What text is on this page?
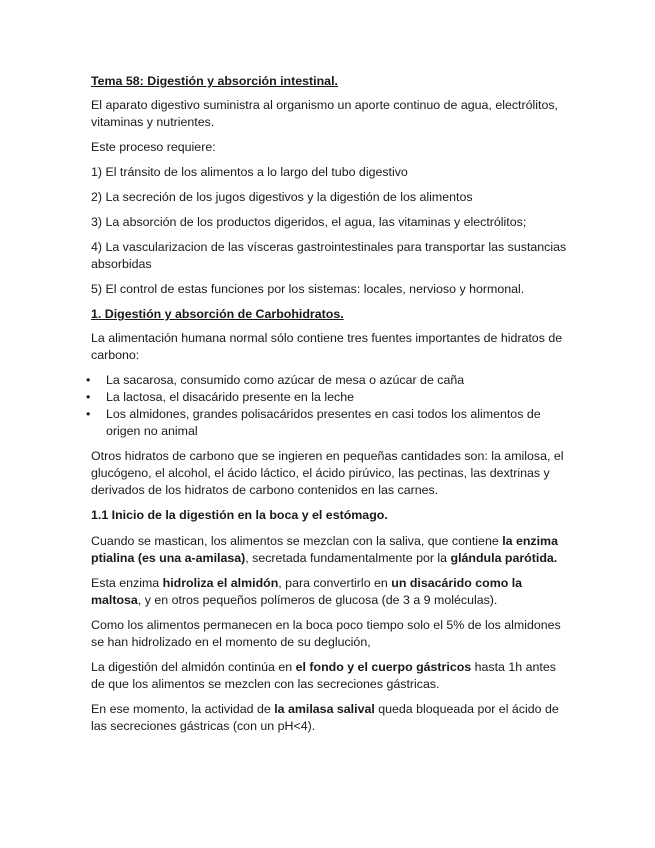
Tema 58: Digestión y absorción intestinal.

El aparato digestivo suministra al organismo un aporte continuo de agua, electrólitos, vitaminas y nutrientes.

Este proceso requiere:

1) El tránsito de los alimentos a lo largo del tubo digestivo

2) La secreción de los jugos digestivos y la digestión de los alimentos

3) La absorción de los productos digeridos, el agua, las vitaminas y electrólitos;

4) La vascularizacion de las vísceras gastrointestinales para transportar las sustancias absorbidas

5) El control de estas funciones por los sistemas: locales, nervioso y hormonal.

1. Digestión y absorción de Carbohidratos.

La alimentación humana normal sólo contiene tres fuentes importantes de hidratos de carbono:

•	La sacarosa, consumido como azúcar de mesa o azúcar de caña
•	La lactosa, el disacárido presente en la leche
•	Los almidones, grandes polisacáridos presentes en casi todos los alimentos de origen no animal

Otros hidratos de carbono que se ingieren en pequeñas cantidades son: la amilosa, el glucógeno, el alcohol, el ácido láctico, el ácido pirúvico, las pectinas, las dextrinas y derivados de los hidratos de carbono contenidos en las carnes.

1.1 Inicio de la digestión en la boca y el estómago.

Cuando se mastican, los alimentos se mezclan con la saliva, que contiene la enzima ptialina (es una a-amilasa), secretada fundamentalmente por la glándula parótida.

Esta enzima hidroliza el almidón, para convertirlo en un disacárido como la maltosa, y en otros pequeños polímeros de glucosa (de 3 a 9 moléculas).

Como los alimentos permanecen en la boca poco tiempo solo el 5% de los almidones se han hidrolizado en el momento de su deglución,

La digestión del almidón continúa en el fondo y el cuerpo gástricos hasta 1h antes de que los alimentos se mezclen con las secreciones gástricas.

En ese momento, la actividad de la amilasa salival queda bloqueada por el ácido de las secreciones gástricas (con un pH<4).
